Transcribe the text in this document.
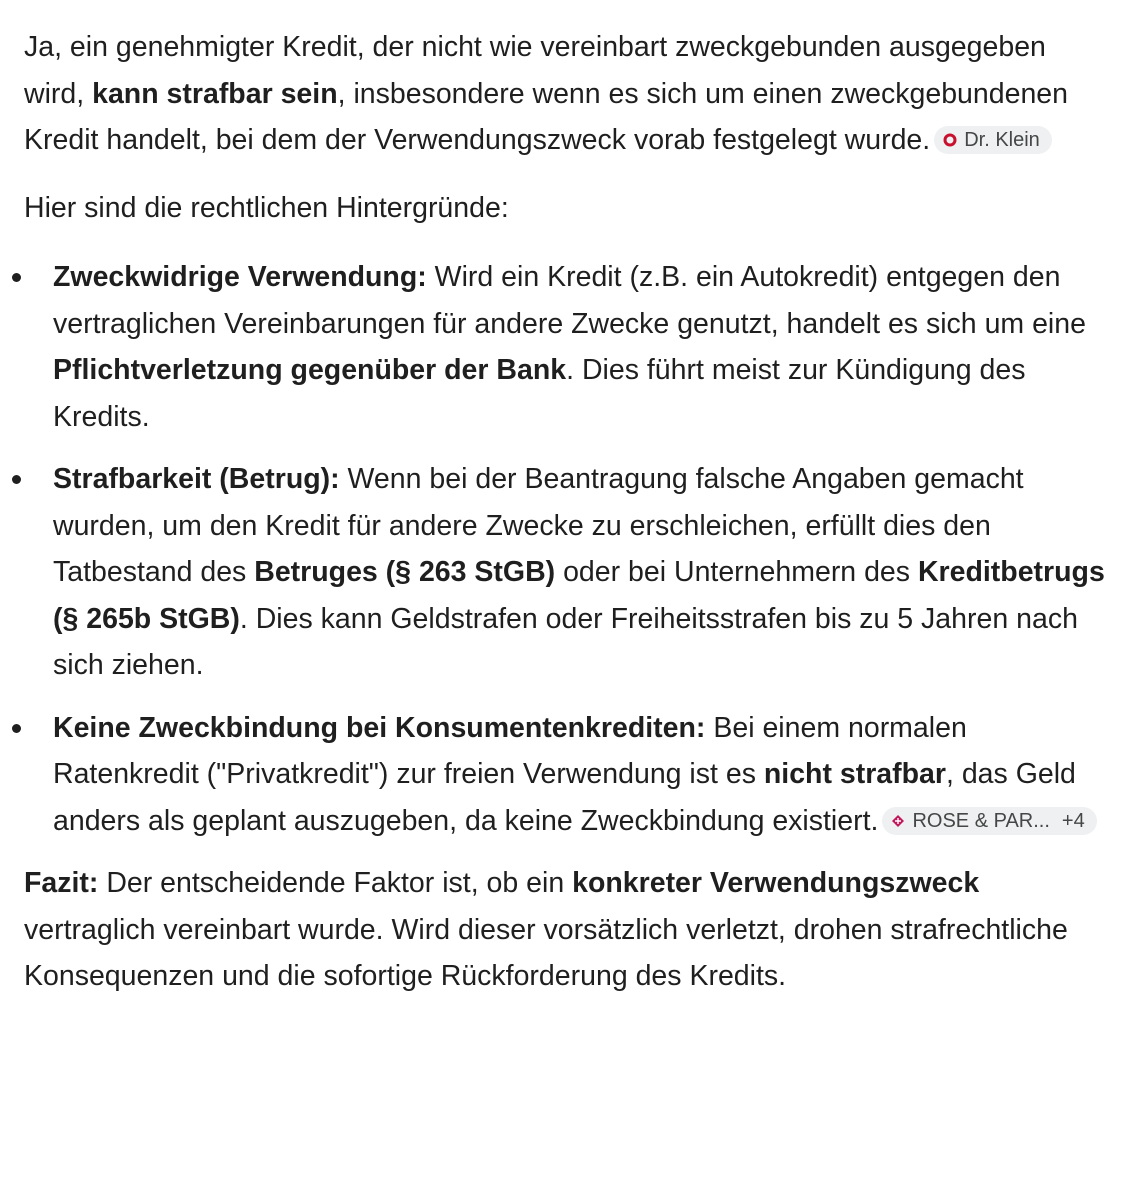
Ja, ein genehmigter Kredit, der nicht wie vereinbart zweckgebunden ausgegeben wird, kann strafbar sein, insbesondere wenn es sich um einen zweckgebundenen Kredit handelt, bei dem der Verwendungszweck vorab festgelegt wurde. Dr. Klein

Hier sind die rechtlichen Hintergründe:

Zweckwidrige Verwendung: Wird ein Kredit (z.B. ein Autokredit) entgegen den vertraglichen Vereinbarungen für andere Zwecke genutzt, handelt es sich um eine Pflichtverletzung gegenüber der Bank. Dies führt meist zur Kündigung des Kredits.
Strafbarkeit (Betrug): Wenn bei der Beantragung falsche Angaben gemacht wurden, um den Kredit für andere Zwecke zu erschleichen, erfüllt dies den Tatbestand des Betruges (§ 263 StGB) oder bei Unternehmern des Kreditbetrugs (§ 265b StGB). Dies kann Geldstrafen oder Freiheitsstrafen bis zu 5 Jahren nach sich ziehen.
Keine Zweckbindung bei Konsumentenkrediten: Bei einem normalen Ratenkredit ("Privatkredit") zur freien Verwendung ist es nicht strafbar, das Geld anders als geplant auszugeben, da keine Zweckbindung existiert. ROSE & PAR... +4

Fazit: Der entscheidende Faktor ist, ob ein konkreter Verwendungszweck vertraglich vereinbart wurde. Wird dieser vorsätzlich verletzt, drohen strafrechtliche Konsequenzen und die sofortige Rückforderung des Kredits.
